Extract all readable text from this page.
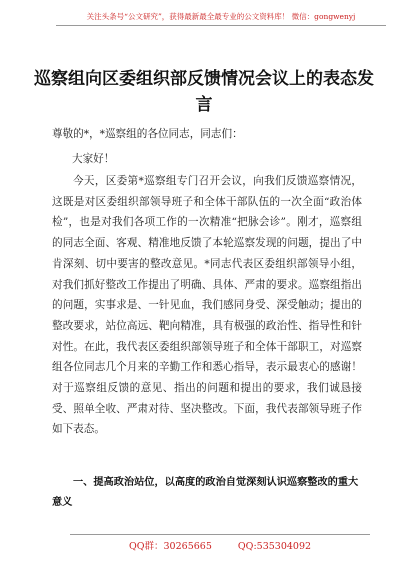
关注头条号“公文研究”，获得最新最全最专业的公文资料库！ 微信：gongwenyj
巡察组向区委组织部反馈情况会议上的表态发言

尊敬的*，*巡察组的各位同志，同志们：

大家好！

今天，区委第*巡察组专门召开会议，向我们反馈巡察情况，这既是对区委组织部领导班子和全体干部队伍的一次全面“政治体检”，也是对我们各项工作的一次精准“把脉会诊”。刚才，巡察组的同志全面、客观、精准地反馈了本轮巡察发现的问题，提出了中肯深刻、切中要害的整改意见。*同志代表区委组织部领导小组，对我们抓好整改工作提出了明确、具体、严肃的要求。巡察组指出的问题，实事求是、一针见血，我们感同身受、深受触动；提出的整改要求，站位高远、靶向精准，具有极强的政治性、指导性和针对性。在此，我代表区委组织部领导班子和全体干部职工，对巡察组各位同志几个月来的辛勤工作和悉心指导，表示最衷心的感谢！对于巡察组反馈的意见、指出的问题和提出的要求，我们诚恳接受、照单全收、严肃对待、坚决整改。下面，我代表部领导班子作如下表态。

一、提高政治站位，以高度的政治自觉深刻认识巡察整改的重大意义

QQ群：30265665	QQ:535304092
